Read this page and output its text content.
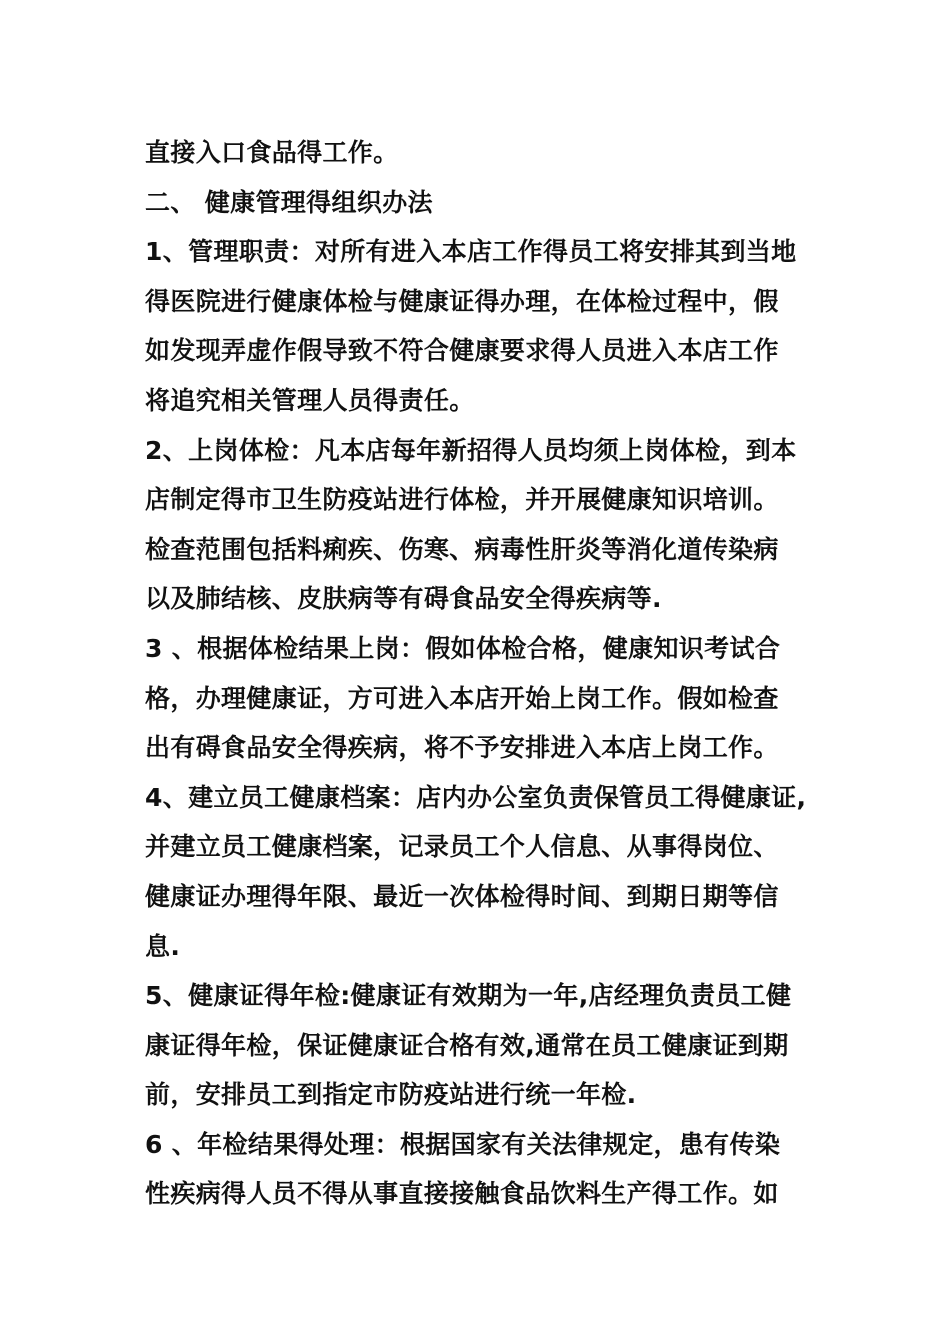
直接入口食品得工作。
二、 健康管理得组织办法
1、管理职责：对所有进入本店工作得员工将安排其到当地
得医院进行健康体检与健康证得办理，在体检过程中，假
如发现弄虚作假导致不符合健康要求得人员进入本店工作
将追究相关管理人员得责任。
2、上岗体检：凡本店每年新招得人员均须上岗体检，到本
店制定得市卫生防疫站进行体检，并开展健康知识培训。
检查范围包括料痢疾、伤寒、病毒性肝炎等消化道传染病
以及肺结核、皮肤病等有碍食品安全得疾病等.
3 、根据体检结果上岗：假如体检合格，健康知识考试合
格，办理健康证，方可进入本店开始上岗工作。假如检查
出有碍食品安全得疾病，将不予安排进入本店上岗工作。
4、建立员工健康档案：店内办公室负责保管员工得健康证,
并建立员工健康档案，记录员工个人信息、从事得岗位、
健康证办理得年限、最近一次体检得时间、到期日期等信
息.
5、健康证得年检:健康证有效期为一年,店经理负责员工健
康证得年检，保证健康证合格有效,通常在员工健康证到期
前，安排员工到指定市防疫站进行统一年检.
6 、年检结果得处理：根据国家有关法律规定，患有传染
性疾病得人员不得从事直接接触食品饮料生产得工作。如
